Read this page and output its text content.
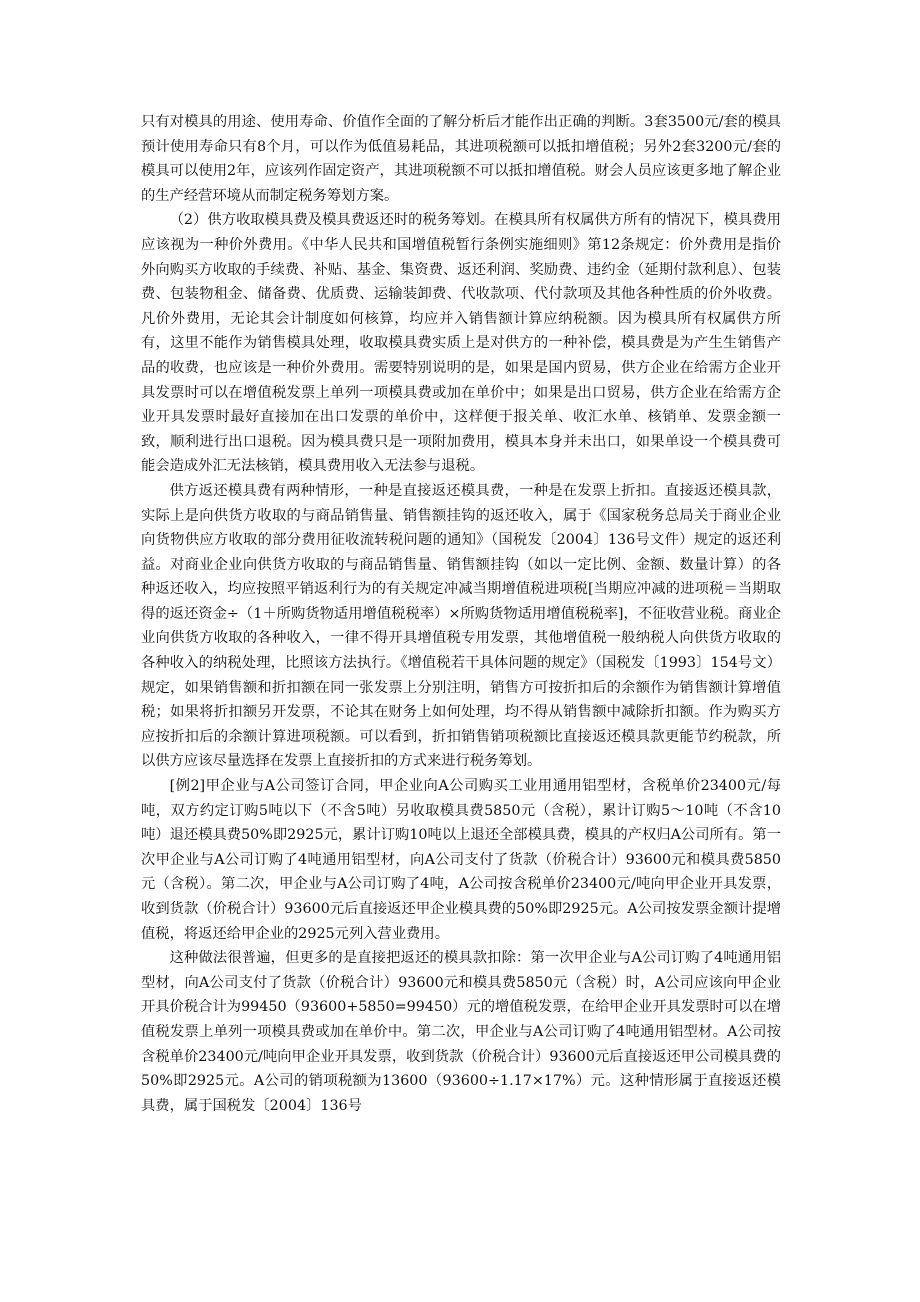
只有对模具的用途、使用寿命、价值作全面的了解分析后才能作出正确的判断。3套3500元/套的模具预计使用寿命只有8个月，可以作为低值易耗品，其进项税额可以抵扣增值税；另外2套3200元/套的模具可以使用2年，应该列作固定资产，其进项税额不可以抵扣增值税。财会人员应该更多地了解企业的生产经营环境从而制定税务筹划方案。

（2）供方收取模具费及模具费返还时的税务筹划。在模具所有权属供方所有的情况下，模具费用应该视为一种价外费用。《中华人民共和国增值税暂行条例实施细则》第12条规定：价外费用是指价外向购买方收取的手续费、补贴、基金、集资费、返还利润、奖励费、违约金（延期付款利息）、包装费、包装物租金、储备费、优质费、运输装卸费、代收款项、代付款项及其他各种性质的价外收费。凡价外费用，无论其会计制度如何核算，均应并入销售额计算应纳税额。因为模具所有权属供方所有，这里不能作为销售模具处理，收取模具费实质上是对供方的一种补偿，模具费是为产生生销售产品的收费，也应该是一种价外费用。需要特别说明的是，如果是国内贸易，供方企业在给需方企业开具发票时可以在增值税发票上单列一项模具费或加在单价中；如果是出口贸易，供方企业在给需方企业开具发票时最好直接加在出口发票的单价中，这样便于报关单、收汇水单、核销单、发票金额一致，顺利进行出口退税。因为模具费只是一项附加费用，模具本身并未出口，如果单设一个模具费可能会造成外汇无法核销，模具费用收入无法参与退税。

供方返还模具费有两种情形，一种是直接返还模具费，一种是在发票上折扣。直接返还模具款，实际上是向供货方收取的与商品销售量、销售额挂钩的返还收入，属于《国家税务总局关于商业企业向货物供应方收取的部分费用征收流转税问题的通知》（国税发〔2004〕136号文件）规定的返还利益。对商业企业向供货方收取的与商品销售量、销售额挂钩（如以一定比例、金额、数量计算）的各种返还收入，均应按照平销返利行为的有关规定冲减当期增值税进项税[当期应冲减的进项税＝当期取得的返还资金÷（1＋所购货物适用增值税税率）×所购货物适用增值税税率]，不征收营业税。商业企业向供货方收取的各种收入，一律不得开具增值税专用发票，其他增值税一般纳税人向供货方收取的各种收入的纳税处理，比照该方法执行。《增值税若干具体问题的规定》（国税发〔1993〕154号文）规定，如果销售额和折扣额在同一张发票上分别注明，销售方可按折扣后的余额作为销售额计算增值税；如果将折扣额另开发票，不论其在财务上如何处理，均不得从销售额中减除折扣额。作为购买方应按折扣后的余额计算进项税额。可以看到，折扣销售销项税额比直接返还模具款更能节约税款，所以供方应该尽量选择在发票上直接折扣的方式来进行税务筹划。

[例2]甲企业与A公司签订合同，甲企业向A公司购买工业用通用铝型材，含税单价23400元/每吨，双方约定订购5吨以下（不含5吨）另收取模具费5850元（含税），累计订购5～10吨（不含10吨）退还模具费50%即2925元，累计订购10吨以上退还全部模具费，模具的产权归A公司所有。第一次甲企业与A公司订购了4吨通用铝型材，向A公司支付了货款（价税合计）93600元和模具费5850元（含税）。第二次，甲企业与A公司订购了4吨，A公司按含税单价23400元/吨向甲企业开具发票，收到货款（价税合计）93600元后直接返还甲企业模具费的50%即2925元。A公司按发票金额计提增值税，将返还给甲企业的2925元列入营业费用。

这种做法很普遍，但更多的是直接把返还的模具款扣除：第一次甲企业与A公司订购了4吨通用铝型材，向A公司支付了货款（价税合计）93600元和模具费5850元（含税）时，A公司应该向甲企业开具价税合计为99450（93600+5850=99450）元的增值税发票，在给甲企业开具发票时可以在增值税发票上单列一项模具费或加在单价中。第二次，甲企业与A公司订购了4吨通用铝型材。A公司按含税单价23400元/吨向甲企业开具发票，收到货款（价税合计）93600元后直接返还甲公司模具费的50%即2925元。A公司的销项税额为13600（93600÷1.17×17%）元。这种情形属于直接返还模具费，属于国税发〔2004〕136号
